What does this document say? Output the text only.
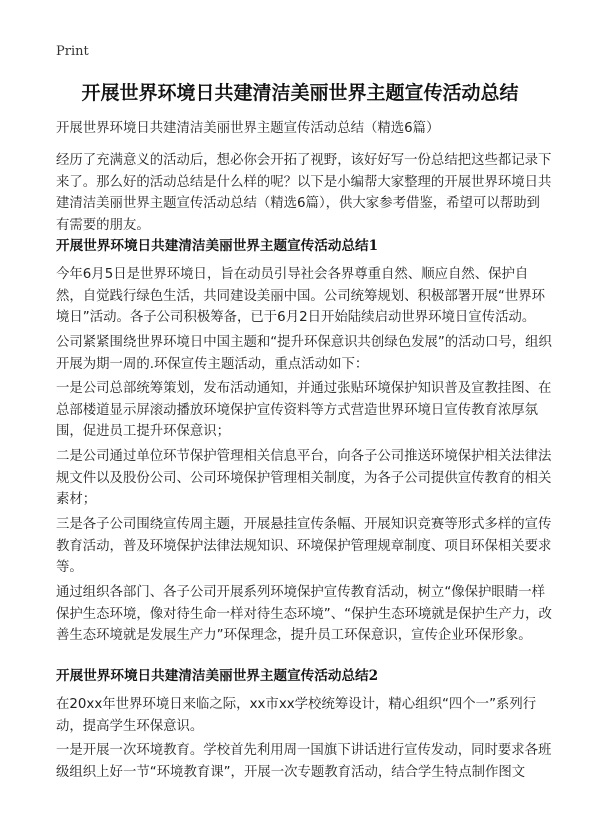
Print
开展世界环境日共建清洁美丽世界主题宣传活动总结

开展世界环境日共建清洁美丽世界主题宣传活动总结（精选6篇）

经历了充满意义的活动后，想必你会开拓了视野，该好好写一份总结把这些都记录下来了。那么好的活动总结是什么样的呢？以下是小编帮大家整理的开展世界环境日共建清洁美丽世界主题宣传活动总结（精选6篇），供大家参考借鉴，希望可以帮助到有需要的朋友。

开展世界环境日共建清洁美丽世界主题宣传活动总结1

今年6月5日是世界环境日，旨在动员引导社会各界尊重自然、顺应自然、保护自然，自觉践行绿色生活，共同建设美丽中国。公司统筹规划、积极部署开展“世界环境日”活动。各子公司积极筹备，已于6月2日开始陆续启动世界环境日宣传活动。

公司紧紧围绕世界环境日中国主题和“提升环保意识共创绿色发展”的活动口号，组织开展为期一周的.环保宣传主题活动，重点活动如下：

一是公司总部统筹策划，发布活动通知，并通过张贴环境保护知识普及宣教挂图、在总部楼道显示屏滚动播放环境保护宣传资料等方式营造世界环境日宣传教育浓厚氛围，促进员工提升环保意识；

二是公司通过单位环节保护管理相关信息平台，向各子公司推送环境保护相关法律法规文件以及股份公司、公司环境保护管理相关制度，为各子公司提供宣传教育的相关素材；

三是各子公司围绕宣传周主题，开展悬挂宣传条幅、开展知识竞赛等形式多样的宣传教育活动，普及环境保护法律法规知识、环境保护管理规章制度、项目环保相关要求等。

通过组织各部门、各子公司开展系列环境保护宣传教育活动，树立“像保护眼睛一样保护生态环境，像对待生命一样对待生态环境”、“保护生态环境就是保护生产力，改善生态环境就是发展生产力”环保理念，提升员工环保意识，宣传企业环保形象。

开展世界环境日共建清洁美丽世界主题宣传活动总结2

在20xx年世界环境日来临之际，xx市xx学校统筹设计，精心组织“四个一”系列行动，提高学生环保意识。

一是开展一次环境教育。学校首先利用周一国旗下讲话进行宣传发动，同时要求各班级组织上好一节“环境教育课”，开展一次专题教育活动，结合学生特点制作图文
